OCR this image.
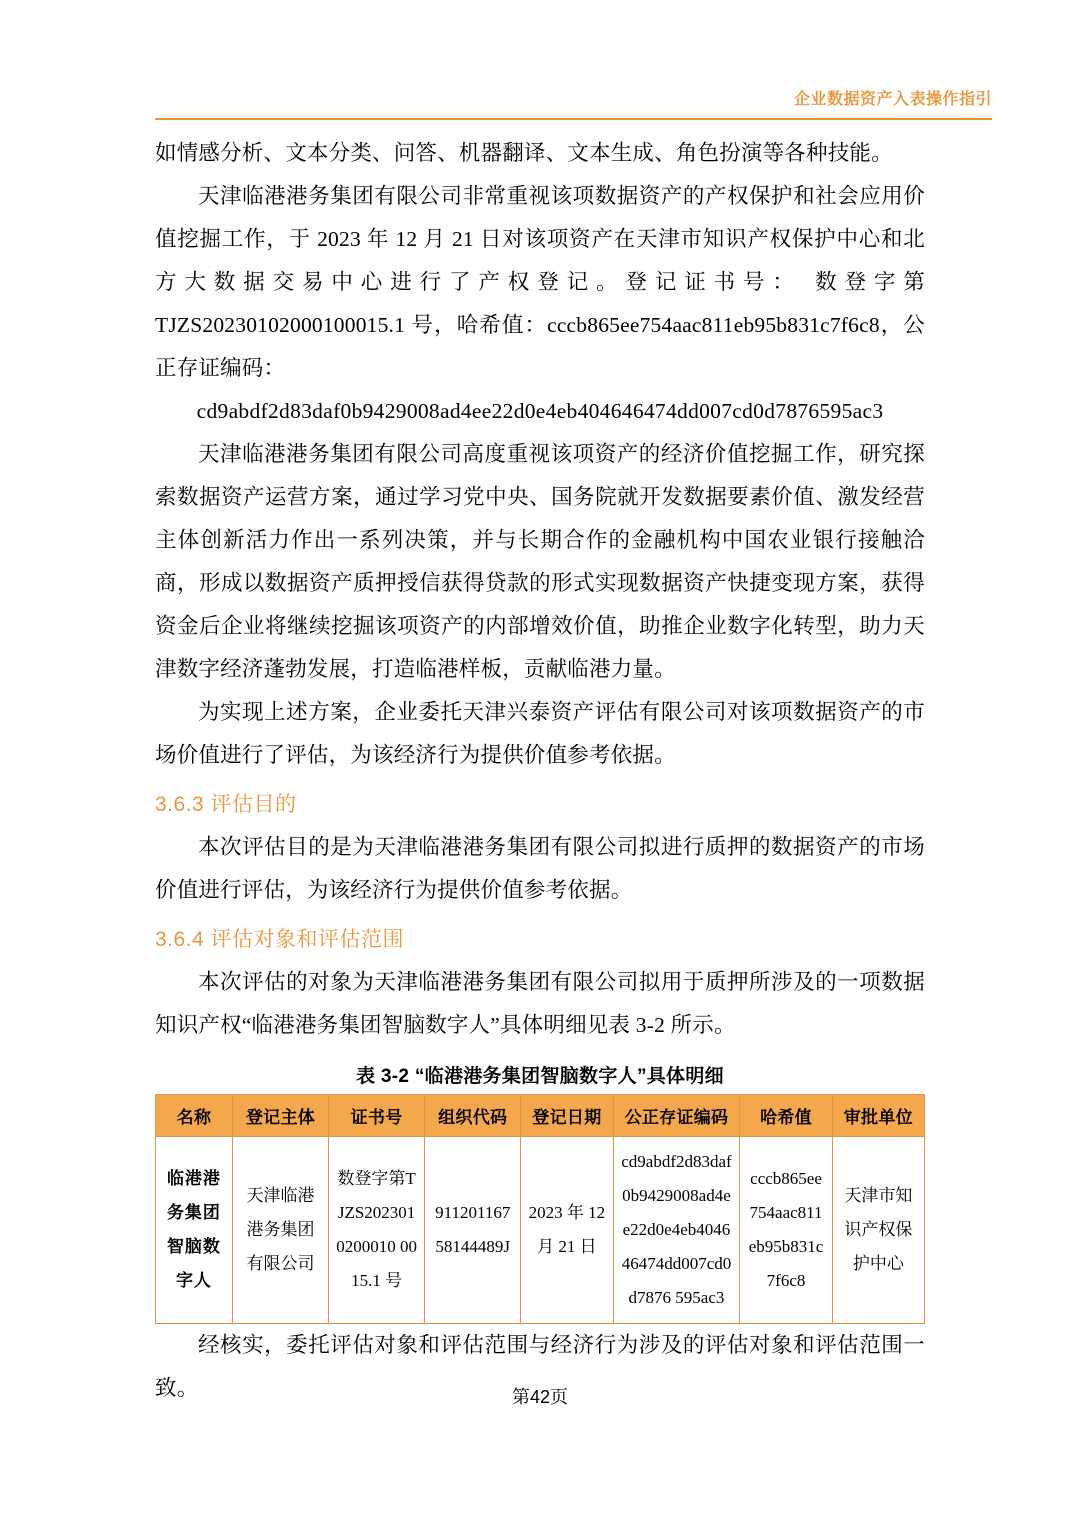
企业数据资产入表操作指引

如情感分析、文本分类、问答、机器翻译、文本生成、角色扮演等各种技能。

天津临港港务集团有限公司非常重视该项数据资产的产权保护和社会应用价值挖掘工作，于 2023 年 12 月 21 日对该项资产在天津市知识产权保护中心和北方大数据交易中心进行了产权登记。登记证书号： 数登字第TJZS20230102000100015.1 号，哈希值：cccb865ee754aac811eb95b831c7f6c8，公正存证编码：

cd9abdf2d83daf0b9429008ad4ee22d0e4eb404646474dd007cd0d7876595ac3

天津临港港务集团有限公司高度重视该项资产的经济价值挖掘工作，研究探索数据资产运营方案，通过学习党中央、国务院就开发数据要素价值、激发经营主体创新活力作出一系列决策，并与长期合作的金融机构中国农业银行接触洽商，形成以数据资产质押授信获得贷款的形式实现数据资产快捷变现方案，获得资金后企业将继续挖掘该项资产的内部增效价值，助推企业数字化转型，助力天津数字经济蓬勃发展，打造临港样板，贡献临港力量。

为实现上述方案，企业委托天津兴泰资产评估有限公司对该项数据资产的市场价值进行了评估，为该经济行为提供价值参考依据。

3.6.3 评估目的

本次评估目的是为天津临港港务集团有限公司拟进行质押的数据资产的市场价值进行评估，为该经济行为提供价值参考依据。

3.6.4 评估对象和评估范围

本次评估的对象为天津临港港务集团有限公司拟用于质押所涉及的一项数据知识产权“临港港务集团智脑数字人”具体明细见表 3-2 所示。

表 3-2 “临港港务集团智脑数字人”具体明细
名称	登记主体	证书号	组织代码	登记日期	公正存证编码	哈希值	审批单位
临港港务集团智脑数字人	天津临港港务集团有限公司	数登字第TJZS2023010200010 0015.1 号	91120116758144489J	2023 年 12 月 21 日	cd9abdf2d83daf0b9429008ad4ee22d0e4eb404646474dd007cd0d7876 595ac3	cccb865ee754aac811eb95b831c7f6c8	天津市知识产权保护中心

经核实，委托评估对象和评估范围与经济行为涉及的评估对象和评估范围一致。	第42页
